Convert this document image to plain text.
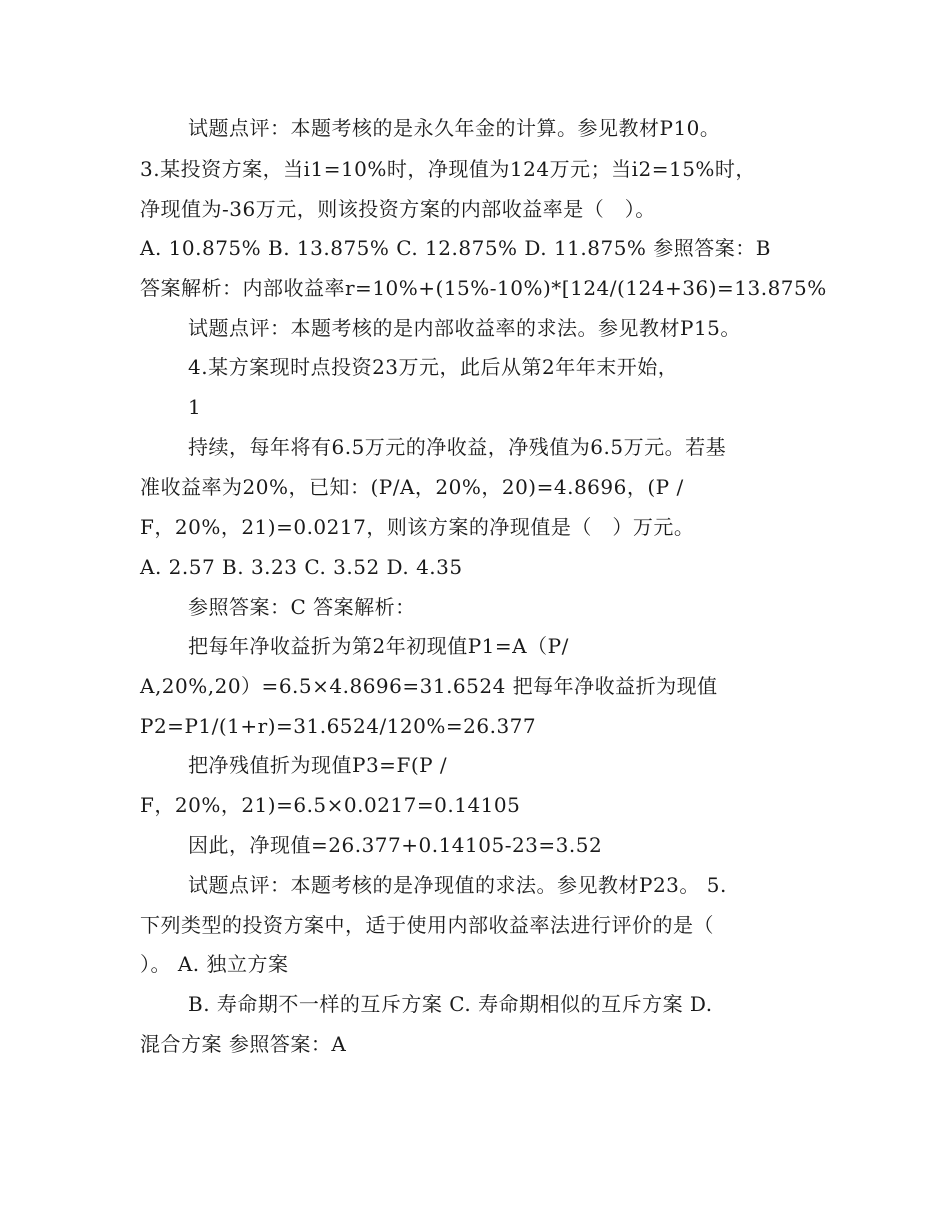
试题点评：本题考核的是永久年金的计算。参见教材P10。
3.某投资方案，当i1=10%时，净现值为124万元；当i2=15%时，
净现值为-36万元，则该投资方案的内部收益率是（　）。
A. 10.875% B. 13.875% C. 12.875% D. 11.875% 参照答案：B
答案解析：内部收益率r=10%+(15%-10%)*[124/(124+36)=13.875%
试题点评：本题考核的是内部收益率的求法。参见教材P15。
4.某方案现时点投资23万元，此后从第2年年末开始，
1
持续，每年将有6.5万元的净收益，净残值为6.5万元。若基
准收益率为20%，已知：(P/A，20%，20)=4.8696，(P /
F，20%，21)=0.0217，则该方案的净现值是（　）万元。
A. 2.57 B. 3.23 C. 3.52 D. 4.35
参照答案：C 答案解析：
把每年净收益折为第2年初现值P1=A（P/
A,20%,20）=6.5×4.8696=31.6524 把每年净收益折为现值
P2=P1/(1+r)=31.6524/120%=26.377
把净残值折为现值P3=F(P /
F，20%，21)=6.5×0.0217=0.14105
因此，净现值=26.377+0.14105-23=3.52
试题点评：本题考核的是净现值的求法。参见教材P23。 5.
下列类型的投资方案中，适于使用内部收益率法进行评价的是（
）。 A. 独立方案
B. 寿命期不一样的互斥方案 C. 寿命期相似的互斥方案 D.
混合方案 参照答案：A
